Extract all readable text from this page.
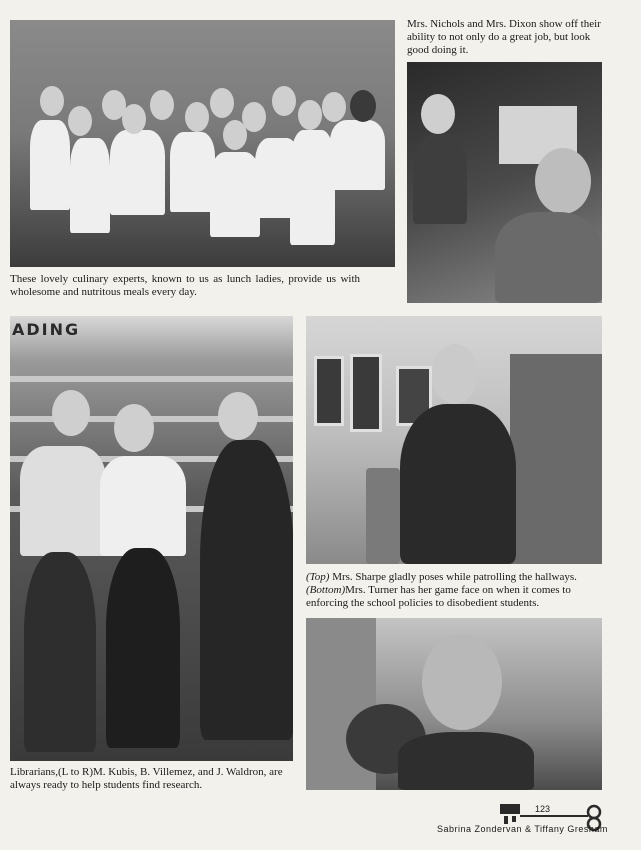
These lovely culinary experts, known to us as lunch ladies, provide us with wholesome and nutritous meals every day.
Mrs. Nichols and Mrs. Dixon show off their ability to not only do a great job, but look good doing it.
ADING
Librarians,(L to R)M. Kubis, B. Villemez, and J. Waldron, are always ready to help students find research.
(Top) Mrs. Sharpe gladly poses while patrolling the hallways.
(Bottom)Mrs. Turner has her game face on when it comes to enforcing the school policies to disobedient students.
123
Sabrina Zondervan & Tiffany Gresham
